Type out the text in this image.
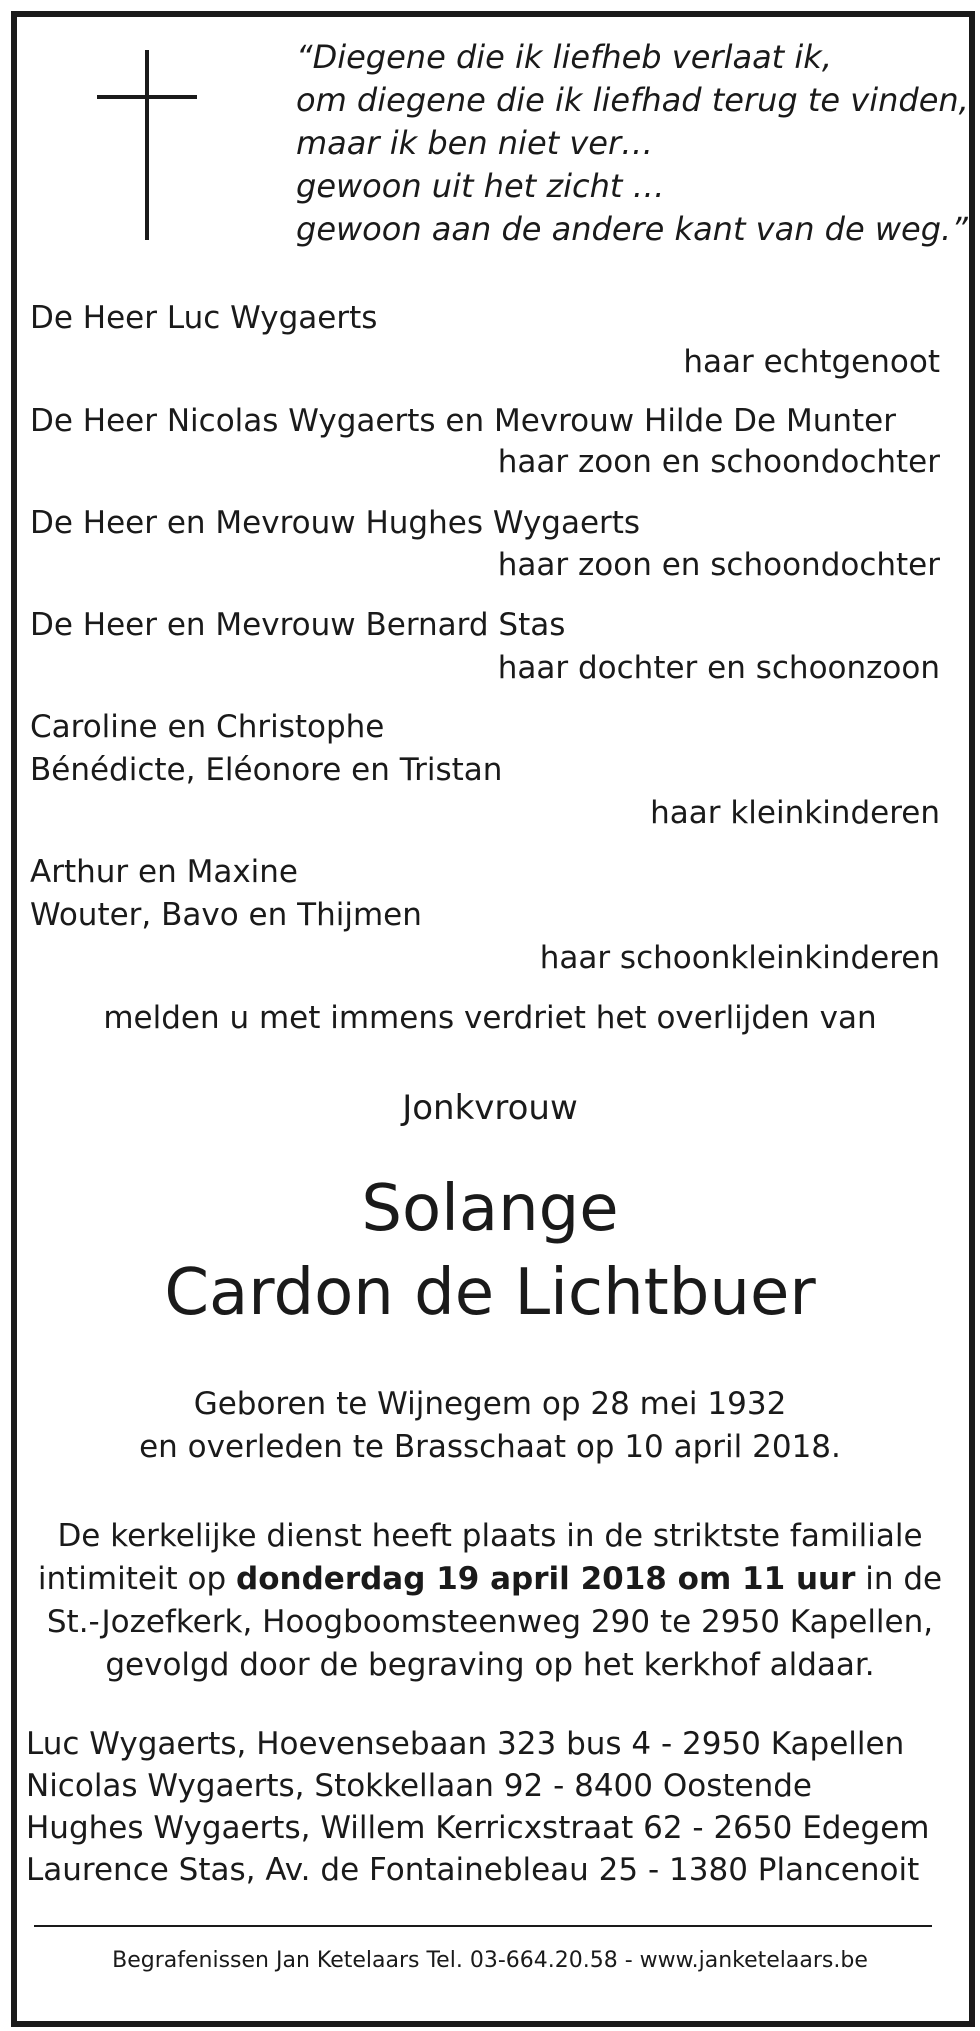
“Diegene die ik liefheb verlaat ik,
om diegene die ik liefhad terug te vinden,
maar ik ben niet ver…
gewoon uit het zicht …
gewoon aan de andere kant van de weg.”
De Heer Luc Wygaerts
haar echtgenoot
De Heer Nicolas Wygaerts en Mevrouw Hilde De Munter
haar zoon en schoondochter
De Heer en Mevrouw Hughes Wygaerts
haar zoon en schoondochter
De Heer en Mevrouw Bernard Stas
haar dochter en schoonzoon
Caroline en Christophe
Bénédicte, Eléonore en Tristan
haar kleinkinderen
Arthur en Maxine
Wouter, Bavo en Thijmen
haar schoonkleinkinderen
melden u met immens verdriet het overlijden van
Jonkvrouw
Solange
Cardon de Lichtbuer
Geboren te Wijnegem op 28 mei 1932
en overleden te Brasschaat op 10 april 2018.
De kerkelijke dienst heeft plaats in de striktste familiale
intimiteit op donderdag 19 april 2018 om 11 uur in de
St.-Jozefkerk, Hoogboomsteenweg 290 te 2950 Kapellen,
gevolgd door de begraving op het kerkhof aldaar.
Luc Wygaerts, Hoevensebaan 323 bus 4 - 2950 Kapellen
Nicolas Wygaerts, Stokkellaan 92 - 8400 Oostende
Hughes Wygaerts, Willem Kerricxstraat 62 - 2650 Edegem
Laurence Stas, Av. de Fontainebleau 25 - 1380 Plancenoit
Begrafenissen Jan Ketelaars Tel. 03-664.20.58 - www.janketelaars.be
